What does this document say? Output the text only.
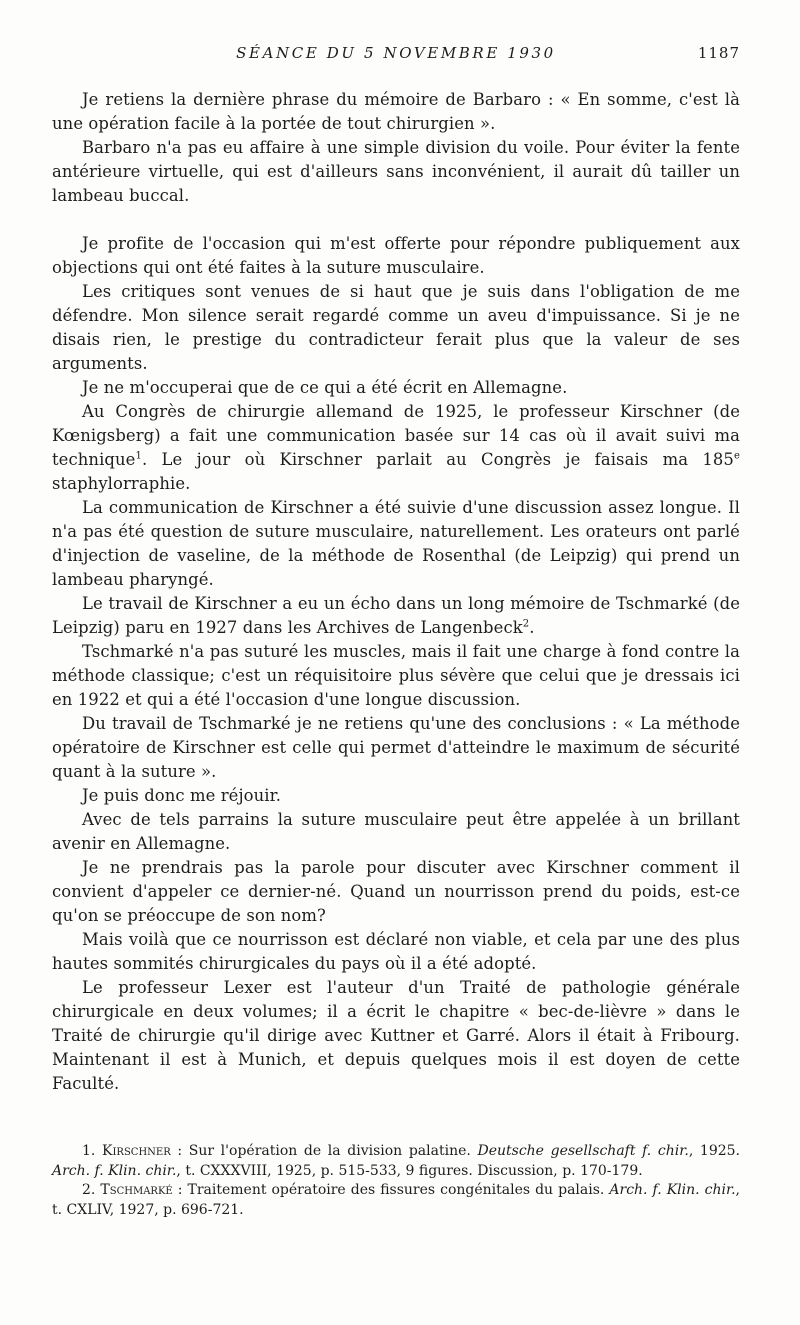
SÉANCE DU 5 NOVEMBRE 1930	1187

Je retiens la dernière phrase du mémoire de Barbaro : « En somme, c'est là une opération facile à la portée de tout chirurgien ».

Barbaro n'a pas eu affaire à une simple division du voile. Pour éviter la fente antérieure virtuelle, qui est d'ailleurs sans inconvénient, il aurait dû tailler un lambeau buccal.

Je profite de l'occasion qui m'est offerte pour répondre publiquement aux objections qui ont été faites à la suture musculaire.

Les critiques sont venues de si haut que je suis dans l'obligation de me défendre. Mon silence serait regardé comme un aveu d'impuissance. Si je ne disais rien, le prestige du contradicteur ferait plus que la valeur de ses arguments.

Je ne m'occuperai que de ce qui a été écrit en Allemagne.

Au Congrès de chirurgie allemand de 1925, le professeur Kirschner (de Kœnigsberg) a fait une communication basée sur 14 cas où il avait suivi ma technique$^1$. Le jour où Kirschner parlait au Congrès je faisais ma 185e staphylorraphie.

La communication de Kirschner a été suivie d'une discussion assez longue. Il n'a pas été question de suture musculaire, naturellement. Les orateurs ont parlé d'injection de vaseline, de la méthode de Rosenthal (de Leipzig) qui prend un lambeau pharyngé.

Le travail de Kirschner a eu un écho dans un long mémoire de Tschmarké (de Leipzig) paru en 1927 dans les Archives de Langenbeck$^2$.

Tschmarké n'a pas suturé les muscles, mais il fait une charge à fond contre la méthode classique; c'est un réquisitoire plus sévère que celui que je dressais ici en 1922 et qui a été l'occasion d'une longue discussion.

Du travail de Tschmarké je ne retiens qu'une des conclusions : « La méthode opératoire de Kirschner est celle qui permet d'atteindre le maximum de sécurité quant à la suture ».

Je puis donc me réjouir.

Avec de tels parrains la suture musculaire peut être appelée à un brillant avenir en Allemagne.

Je ne prendrais pas la parole pour discuter avec Kirschner comment il convient d'appeler ce dernier-né. Quand un nourrisson prend du poids, est-ce qu'on se préoccupe de son nom?

Mais voilà que ce nourrisson est déclaré non viable, et cela par une des plus hautes sommités chirurgicales du pays où il a été adopté.

Le professeur Lexer est l'auteur d'un Traité de pathologie générale chirurgicale en deux volumes; il a écrit le chapitre « bec-de-lièvre » dans le Traité de chirurgie qu'il dirige avec Kuttner et Garré. Alors il était à Fribourg. Maintenant il est à Munich, et depuis quelques mois il est doyen de cette Faculté.

1. Kirschner : Sur l'opération de la division palatine. Deutsche gesellschaft f. chir., 1925. Arch. f. Klin. chir., t. CXXXVIII, 1925, p. 515-533, 9 figures. Discussion, p. 170-179.

2. Tschmarké : Traitement opératoire des fissures congénitales du palais. Arch. f. Klin. chir., t. CXLIV, 1927, p. 696-721.
